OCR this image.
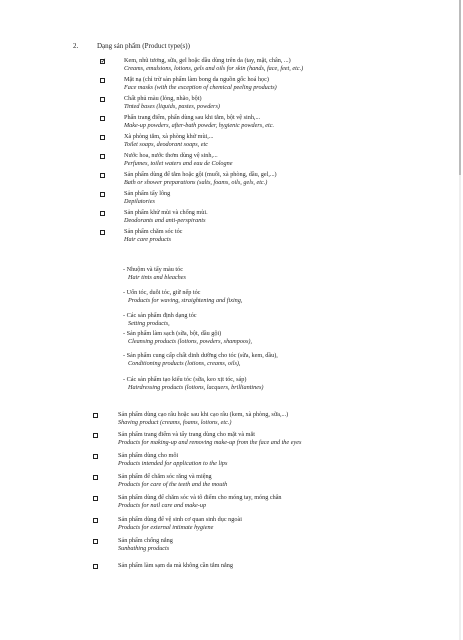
2.	Dạng sản phẩm (Product type(s))
✓
Kem, nhũ tương, sữa, gel hoặc dầu dùng trên da (tay, mặt, chân, ...)
Creams, emulsions, lotions, gels and oils for skin (hands, face, feet, etc.)
Mặt nạ (chỉ trừ sản phẩm làm bong da nguồn gốc hoá học)
Face masks (with the exception of chemical peeling products)
Chất phủ màu (lỏng, nhão, bột)
Tinted bases (liquids, pastes, powders)
Phấn trang điểm, phấn dùng sau khi tắm, bột vệ sinh,...
Make-up powders, after-bath powder, hygienic powders, etc.
Xà phòng tắm, xà phòng khử mùi,...
Toilet soaps, deodorant soaps, etc
Nước hoa, nước thơm dùng vệ sinh,...
Perfumes, toilet waters and eau de Cologne
Sản phẩm dùng để tắm hoặc gội (muối, xà phòng, dầu, gel,...)
Bath or shower preparations (salts, foams, oils, gels, etc.)
Sản phẩm tẩy lông
Depilatories
Sản phẩm khử mùi và chống mùi.
Deodorants and anti-perspirants
Sản phẩm chăm sóc tóc
Hair care products
- Nhuộm và tẩy màu tóc
Hair tints and bleaches
- Uốn tóc, duỗi tóc, giữ nếp tóc
Products for waving, straightening and fixing,
- Các sản phẩm định dạng tóc
Setting products,
- Sản phẩm làm sạch (sữa, bột, dầu gội)
Cleansing products (lotions, powders, shampoos),
- Sản phẩm cung cấp chất dinh dưỡng cho tóc (sữa, kem, dầu),
Conditioning products (lotions, creams, oils),
- Các sản phẩm tạo kiểu tóc (sữa, keo xịt tóc, sáp)
Hairdressing products (lotions, lacquers, brilliantines)
Sản phẩm dùng cạo râu hoặc sau khi cạo râu (kem, xà phòng, sữa,...)
Shaving product (creams, foams, lotions, etc.)
Sản phẩm trang điểm và tẩy trang dùng cho mặt và mắt
Products for making-up and removing make-up from the face and the eyes
Sản phẩm dùng cho môi
Products intended for application to the lips
Sản phẩm để chăm sóc răng và miệng
Products for care of the teeth and the mouth
Sản phẩm dùng để chăm sóc và tô điểm cho móng tay, móng chân
Products for nail care and make-up
Sản phẩm dùng để vệ sinh cơ quan sinh dục ngoài
Products for external intimate hygiene
Sản phẩm chống nắng
Sunbathing products
Sản phẩm làm sạm da mà không cần tắm nắng
